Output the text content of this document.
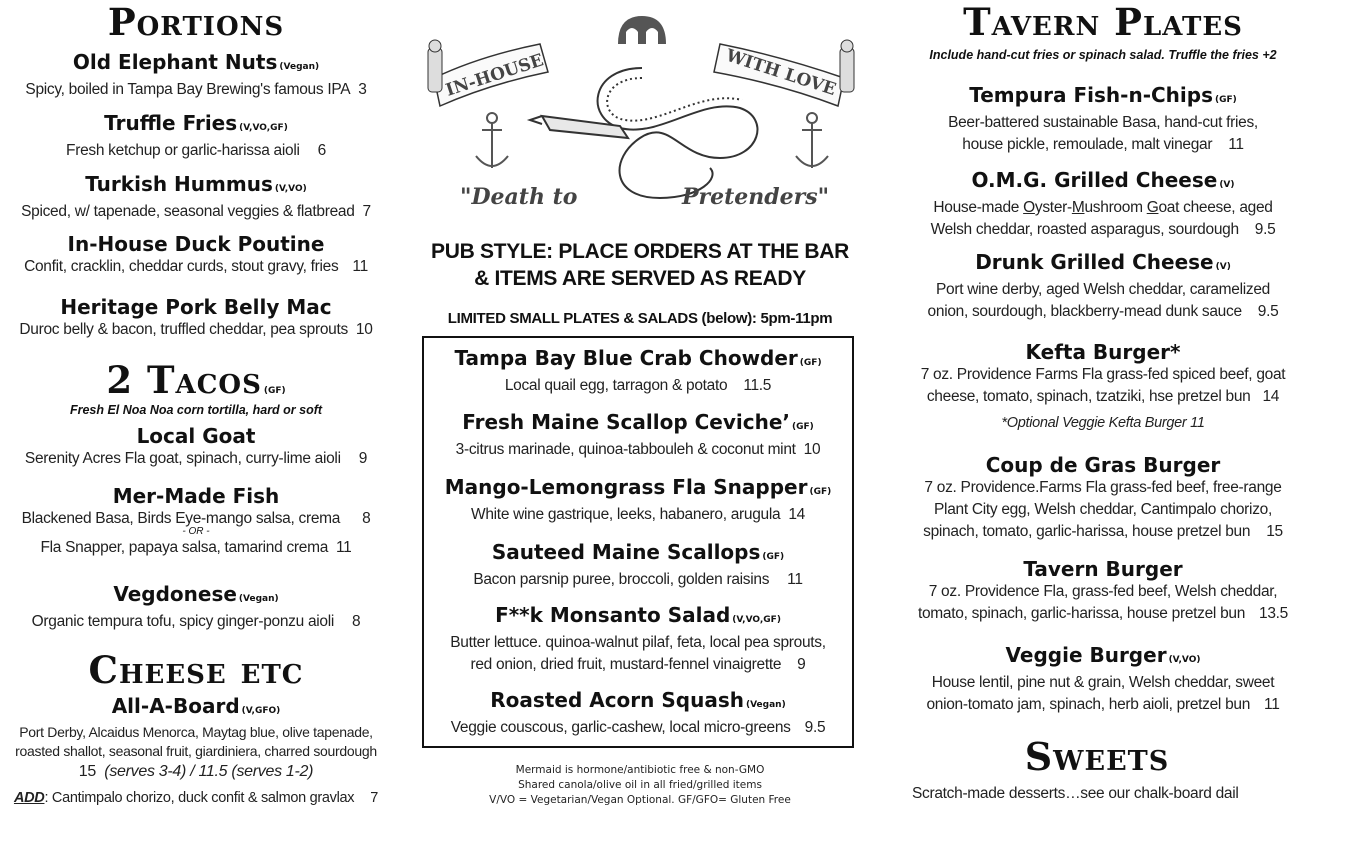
Portions
Old Elephant Nuts (Vegan)
Spicy, boiled in Tampa Bay Brewing's famous IPA 3
Truffle Fries (V,VO,GF)
Fresh ketchup or garlic-harissa aioli 6
Turkish Hummus (V,VO)
Spiced, w/ tapenade, seasonal veggies & flatbread 7
In-House Duck Poutine
Confit, cracklin, cheddar curds, stout gravy, fries 11
Heritage Pork Belly Mac
Duroc belly & bacon, truffled cheddar, pea sprouts 10
2 Tacos (GF)
Fresh El Noa Noa corn tortilla, hard or soft
Local Goat
Serenity Acres Fla goat, spinach, curry-lime aioli 9
Mer-Made Fish
Blackened Basa, Birds Eye-mango salsa, crema 8
- OR -
Fla Snapper, papaya salsa, tamarind crema 11
Vegdonese (Vegan)
Organic tempura tofu, spicy ginger-ponzu aioli 8
Cheese etc
All-A-Board (V,GFO)
Port Derby, Alcaidus Menorca, Maytag blue, olive tapenade,
roasted shallot, seasonal fruit, giardiniera, charred sourdough
15 (serves 3-4) / 11.5 (serves 1-2)
ADD: Cantimpalo chorizo, duck confit & salmon gravlax 7
IN-HOUSE	WITH LOVE
"Death to	Pretenders"
PUB STYLE: PLACE ORDERS AT THE BAR
& ITEMS ARE SERVED AS READY
LIMITED SMALL PLATES & SALADS (below): 5pm-11pm
Tampa Bay Blue Crab Chowder (GF)
Local quail egg, tarragon & potato 11.5
Fresh Maine Scallop Ceviche’ (GF)
3-citrus marinade, quinoa-tabbouleh & coconut mint 10
Mango-Lemongrass Fla Snapper (GF)
White wine gastrique, leeks, habanero, arugula 14
Sauteed Maine Scallops (GF)
Bacon parsnip puree, broccoli, golden raisins 11
F**k Monsanto Salad (V,VO,GF)
Butter lettuce. quinoa-walnut pilaf, feta, local pea sprouts,
red onion, dried fruit, mustard-fennel vinaigrette 9
Roasted Acorn Squash (Vegan)
Veggie couscous, garlic-cashew, local micro-greens 9.5
Mermaid is hormone/antibiotic free & non-GMO
Shared canola/olive oil in all fried/grilled items
V/VO = Vegetarian/Vegan Optional. GF/GFO= Gluten Free
Tavern Plates
Include hand-cut fries or spinach salad. Truffle the fries +2
Tempura Fish-n-Chips (GF)
Beer-battered sustainable Basa, hand-cut fries,
house pickle, remoulade, malt vinegar 11
O.M.G. Grilled Cheese (V)
House-made Oyster-Mushroom Goat cheese, aged
Welsh cheddar, roasted asparagus, sourdough 9.5
Drunk Grilled Cheese (V)
Port wine derby, aged Welsh cheddar, caramelized
onion, sourdough, blackberry-mead dunk sauce 9.5
Kefta Burger*
7 oz. Providence Farms Fla grass-fed spiced beef, goat
cheese, tomato, spinach, tzatziki, hse pretzel bun 14
*Optional Veggie Kefta Burger 11
Coup de Gras Burger
7 oz. Providence.Farms Fla grass-fed beef, free-range
Plant City egg, Welsh cheddar, Cantimpalo chorizo,
spinach, tomato, garlic-harissa, house pretzel bun 15
Tavern Burger
7 oz. Providence Fla, grass-fed beef, Welsh cheddar,
tomato, spinach, garlic-harissa, house pretzel bun 13.5
Veggie Burger (V,VO)
House lentil, pine nut & grain, Welsh cheddar, sweet
onion-tomato jam, spinach, herb aioli, pretzel bun 11
Sweets
Scratch-made desserts…see our chalk-board dail
